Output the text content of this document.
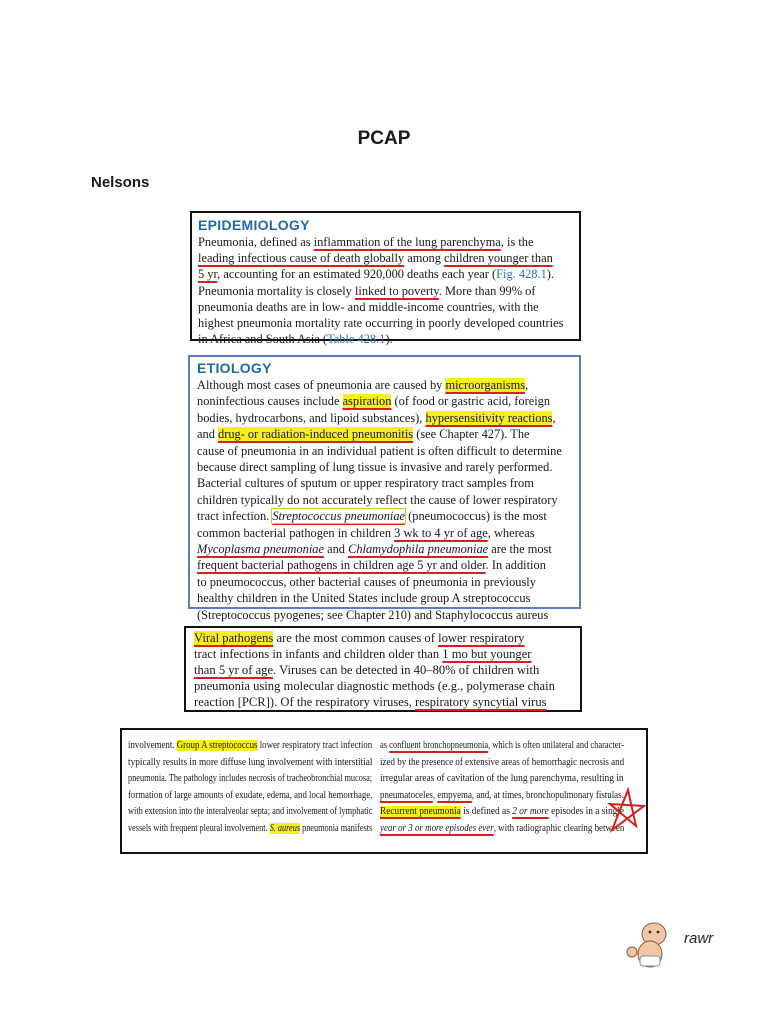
PCAP
Nelsons
EPIDEMIOLOGY
Pneumonia, defined as inflammation of the lung parenchyma, is the
leading infectious cause of death globally among children younger than
5 yr, accounting for an estimated 920,000 deaths each year (Fig. 428.1).
Pneumonia mortality is closely linked to poverty. More than 99% of
pneumonia deaths are in low- and middle-income countries, with the
highest pneumonia mortality rate occurring in poorly developed countries
in Africa and South Asia (Table 428.1).
ETIOLOGY
Although most cases of pneumonia are caused by microorganisms,
noninfectious causes include aspiration (of food or gastric acid, foreign
bodies, hydrocarbons, and lipoid substances), hypersensitivity reactions,
and drug- or radiation-induced pneumonitis (see Chapter 427). The
cause of pneumonia in an individual patient is often difficult to determine
because direct sampling of lung tissue is invasive and rarely performed.
Bacterial cultures of sputum or upper respiratory tract samples from
children typically do not accurately reflect the cause of lower respiratory
tract infection. Streptococcus pneumoniae (pneumococcus) is the most
common bacterial pathogen in children 3 wk to 4 yr of age, whereas
Mycoplasma pneumoniae and Chlamydophila pneumoniae are the most
frequent bacterial pathogens in children age 5 yr and older. In addition
to pneumococcus, other bacterial causes of pneumonia in previously
healthy children in the United States include group A streptococcus
(Streptococcus pyogenes; see Chapter 210) and Staphylococcus aureus
Viral pathogens are the most common causes of lower respiratory
tract infections in infants and children older than 1 mo but younger
than 5 yr of age. Viruses can be detected in 40–80% of children with
pneumonia using molecular diagnostic methods (e.g., polymerase chain
reaction [PCR]). Of the respiratory viruses, respiratory syncytial virus
involvement. Group A streptococcus lower respiratory tract infection
typically results in more diffuse lung involvement with interstitial
pneumonia. The pathology includes necrosis of tracheobronchial mucosa;
formation of large amounts of exudate, edema, and local hemorrhage,
with extension into the interalveolar septa; and involvement of lymphatic
vessels with frequent pleural involvement. S. aureus pneumonia manifests
as confluent bronchopneumonia, which is often unilateral and character-
ized by the presence of extensive areas of hemorrhagic necrosis and
irregular areas of cavitation of the lung parenchyma, resulting in
pneumatoceles, empyema, and, at times, bronchopulmonary fistulas.
Recurrent pneumonia is defined as 2 or more episodes in a single
year or 3 or more episodes ever, with radiographic clearing between
rawr
